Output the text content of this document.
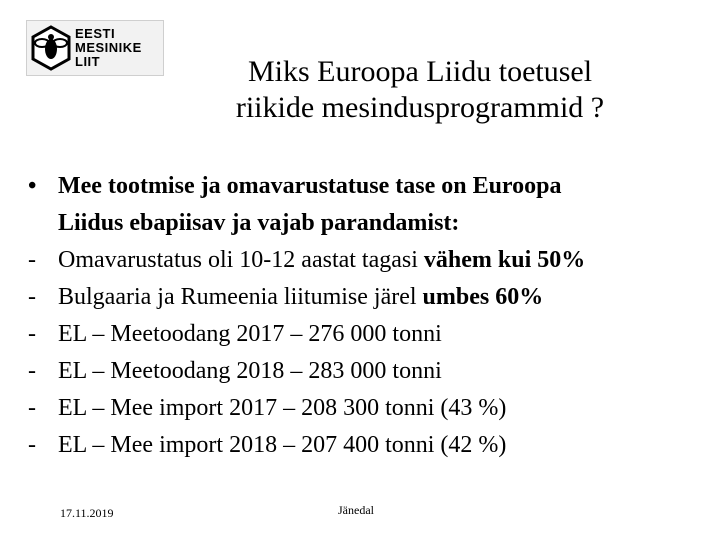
EESTI
MESINIKE
LIIT	Miks Euroopa Liidu toetusel
riikide mesindusprogrammid ?
• Mee tootmise ja omavarustatuse tase on Euroopa
Liidus ebapiisav ja vajab parandamist:
- Omavarustatus oli 10-12 aastat tagasi vähem kui 50%
- Bulgaaria ja Rumeenia liitumise järel umbes 60%
- EL – Meetoodang 2017 – 276 000 tonni
- EL – Meetoodang 2018 – 283 000 tonni
- EL – Mee import 2017 – 208 300 tonni (43 %)
- EL – Mee import 2018 – 207 400 tonni (42 %)
17.11.2019	Jänedal
